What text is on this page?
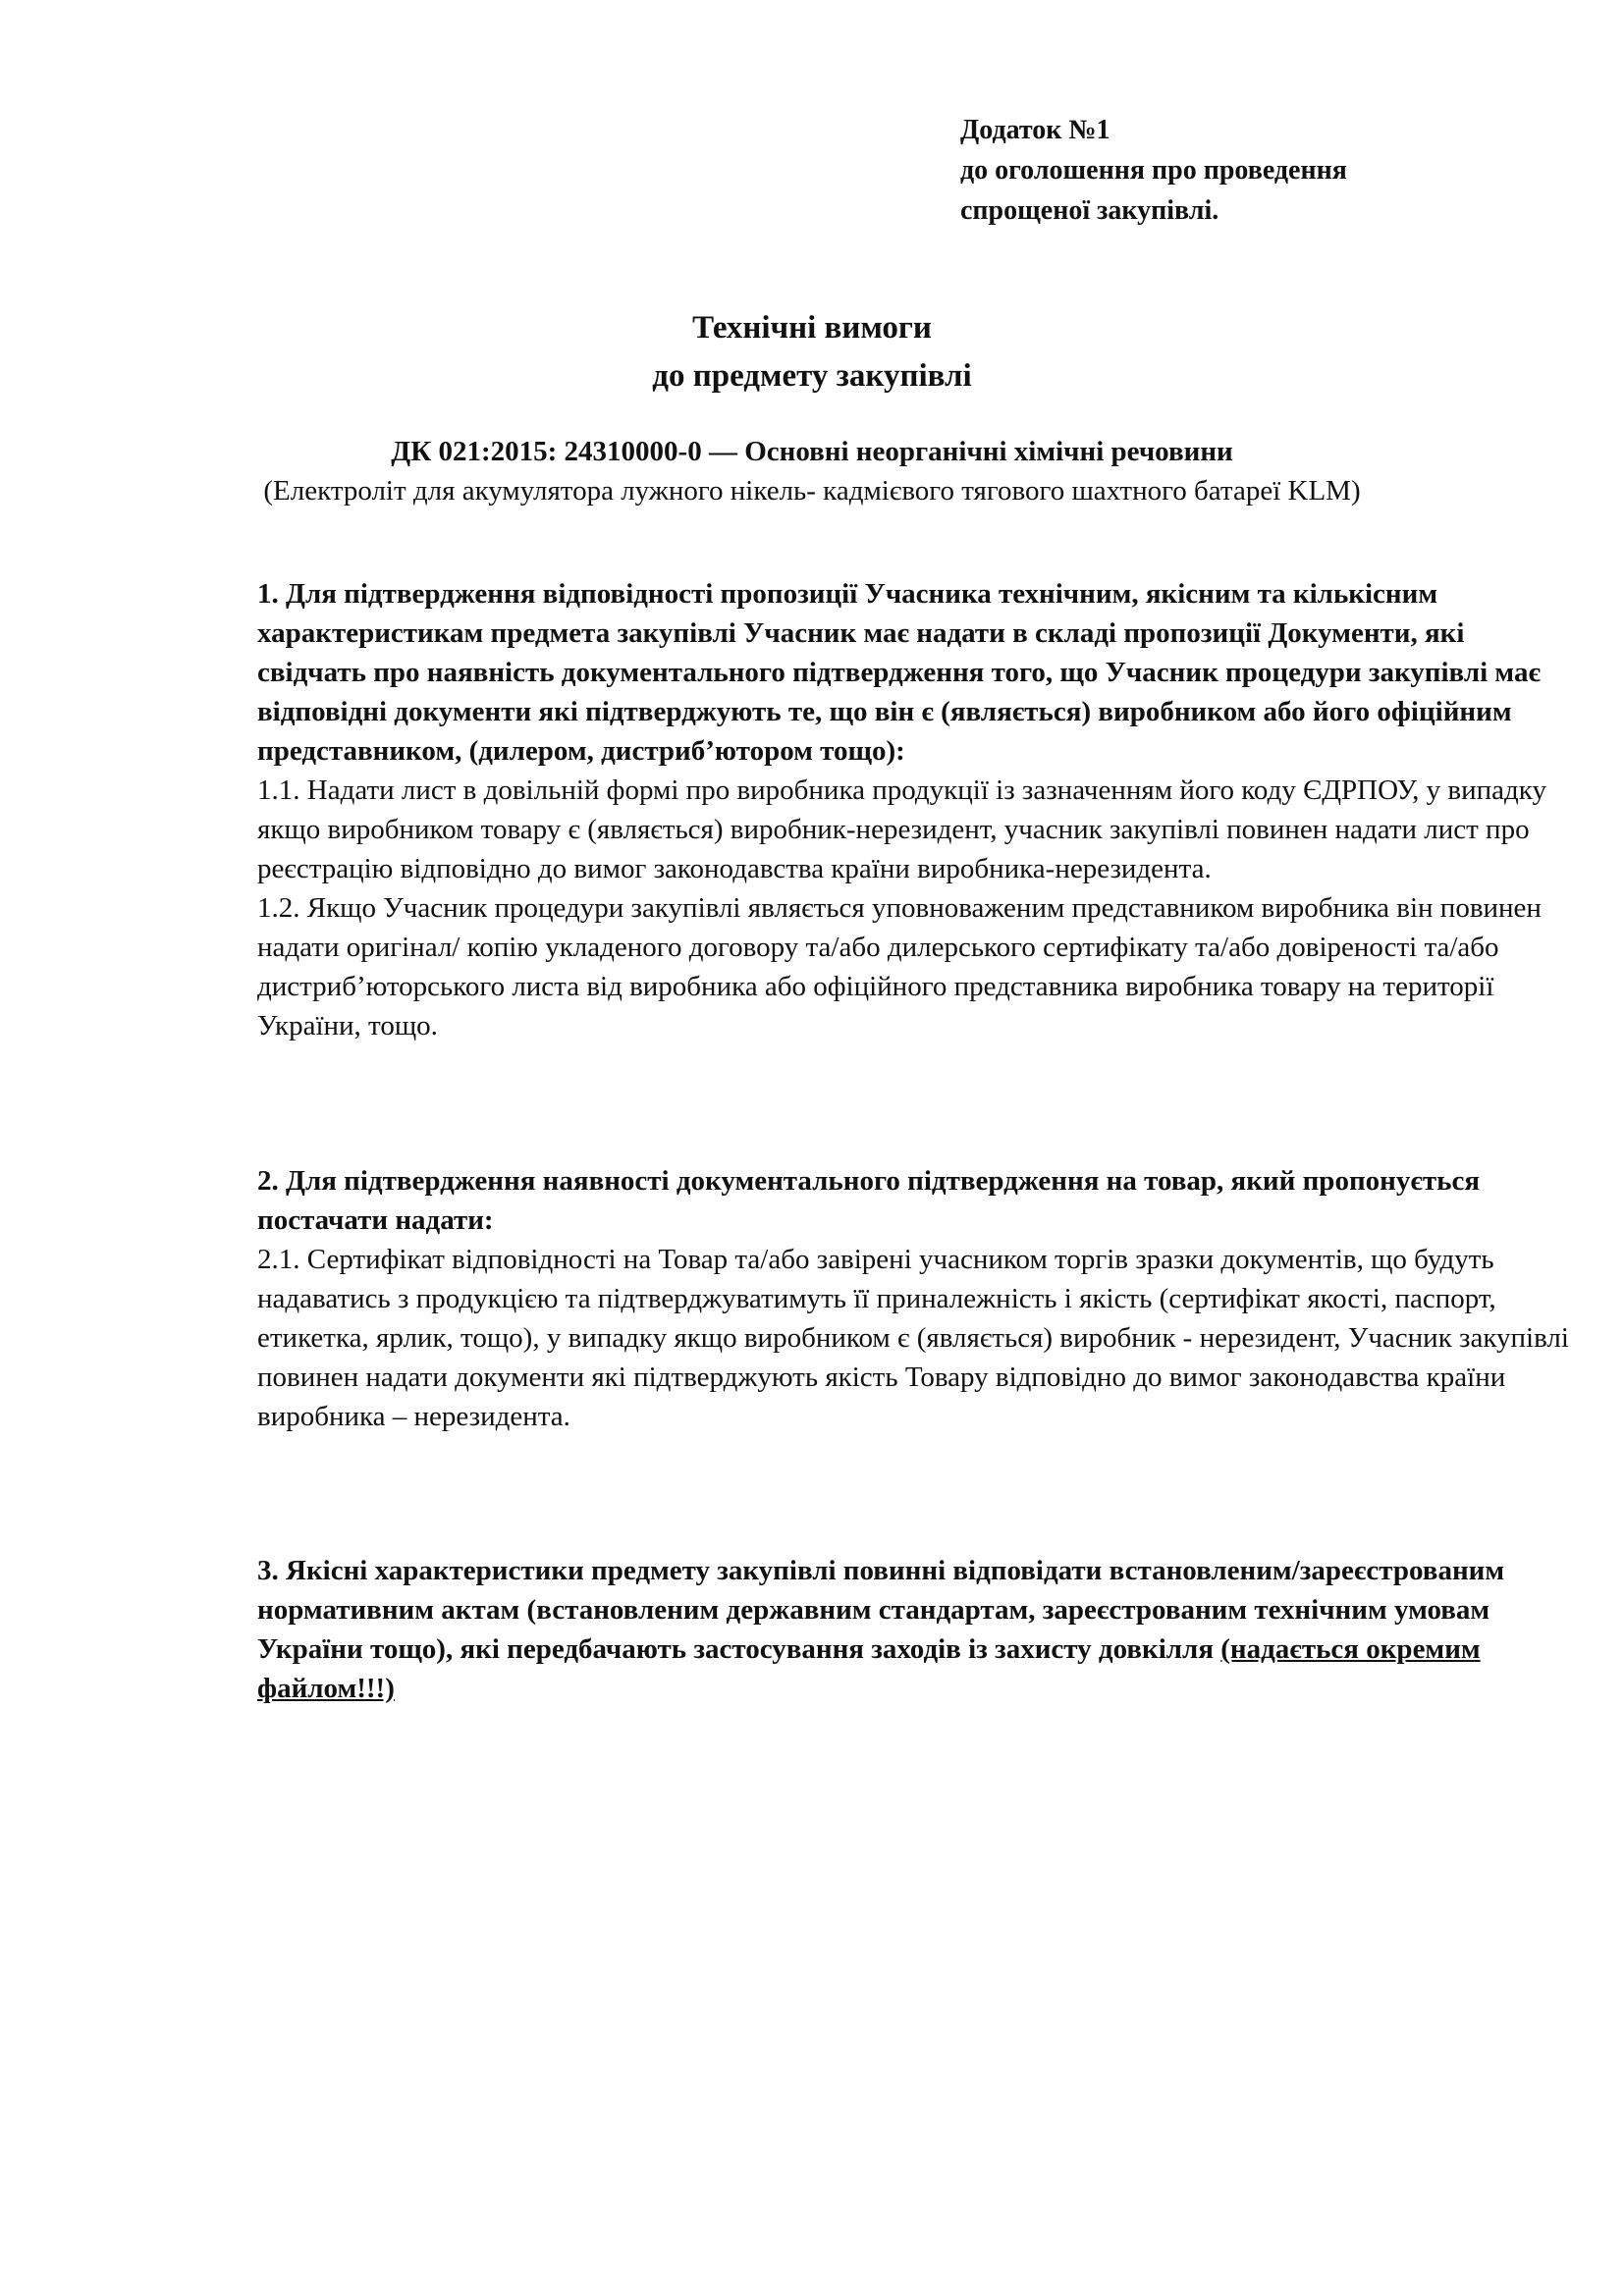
Додаток №1
до оголошення про проведення
спрощеної закупівлі.
Технічні вимоги
до предмету закупівлі
ДК 021:2015: 24310000-0 — Основні неорганічні хімічні речовини
(Електроліт для акумулятора лужного нікель- кадмієвого тягового шахтного батареї KLM)

1. Для підтвердження відповідності пропозиції Учасника технічним, якісним та кількісним характеристикам предмета закупівлі Учасник має надати в складі пропозиції Документи, які свідчать про наявність документального підтвердження того, що Учасник процедури закупівлі має відповідні документи які підтверджують те, що він є (являється) виробником або його офіційним представником, (дилером, дистриб’ютором тощо):

1.1. Надати лист в довільній формі про виробника продукції із зазначенням його коду ЄДРПОУ, у випадку якщо виробником товару є (являється) виробник-нерезидент, учасник закупівлі повинен надати лист про реєстрацію відповідно до вимог законодавства країни виробника-нерезидента.

1.2. Якщо Учасник процедури закупівлі являється уповноваженим представником виробника він повинен надати оригінал/ копію укладеного договору та/або дилерського сертифікату та/або довіреності та/або дистриб’юторського листа від виробника або офіційного представника виробника товару на території України, тощо.

2. Для підтвердження наявності документального підтвердження на товар, який пропонується постачати надати:

2.1. Сертифікат відповідності на Товар та/або завірені учасником торгів зразки документів, що будуть надаватись з продукцією та підтверджуватимуть її приналежність і якість (сертифікат якості, паспорт, етикетка, ярлик, тощо), у випадку якщо виробником є (являється) виробник - нерезидент, Учасник закупівлі повинен надати документи які підтверджують якість Товару відповідно до вимог законодавства країни виробника – нерезидента.

3. Якісні характеристики предмету закупівлі повинні відповідати встановленим/зареєстрованим нормативним актам (встановленим державним стандартам, зареєстрованим технічним умовам України тощо), які передбачають застосування заходів із захисту довкілля (надається окремим файлом!!!)
